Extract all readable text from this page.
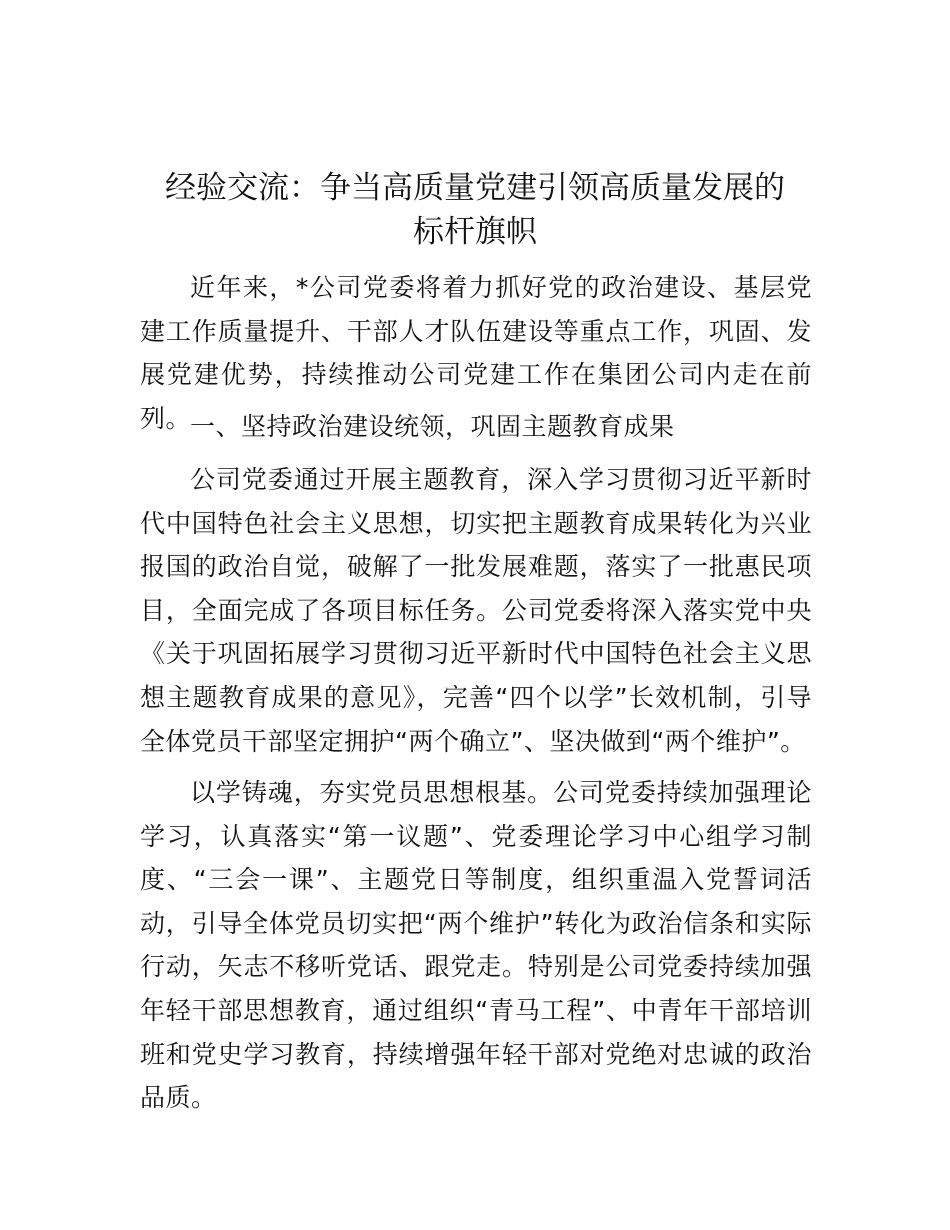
经验交流：争当高质量党建引领高质量发展的
标杆旗帜

近年来，*公司党委将着力抓好党的政治建设、基层党建工作质量提升、干部人才队伍建设等重点工作，巩固、发展党建优势，持续推动公司党建工作在集团公司内走在前列。

一、坚持政治建设统领，巩固主题教育成果

公司党委通过开展主题教育，深入学习贯彻习近平新时代中国特色社会主义思想，切实把主题教育成果转化为兴业报国的政治自觉，破解了一批发展难题，落实了一批惠民项目，全面完成了各项目标任务。公司党委将深入落实党中央《关于巩固拓展学习贯彻习近平新时代中国特色社会主义思想主题教育成果的意见》，完善“四个以学”长效机制，引导全体党员干部坚定拥护“两个确立”、坚决做到“两个维护”。

以学铸魂，夯实党员思想根基。公司党委持续加强理论学习，认真落实“第一议题”、党委理论学习中心组学习制度、“三会一课”、主题党日等制度，组织重温入党誓词活动，引导全体党员切实把“两个维护”转化为政治信条和实际行动，矢志不移听党话、跟党走。特别是公司党委持续加强年轻干部思想教育，通过组织“青马工程”、中青年干部培训班和党史学习教育，持续增强年轻干部对党绝对忠诚的政治品质。
